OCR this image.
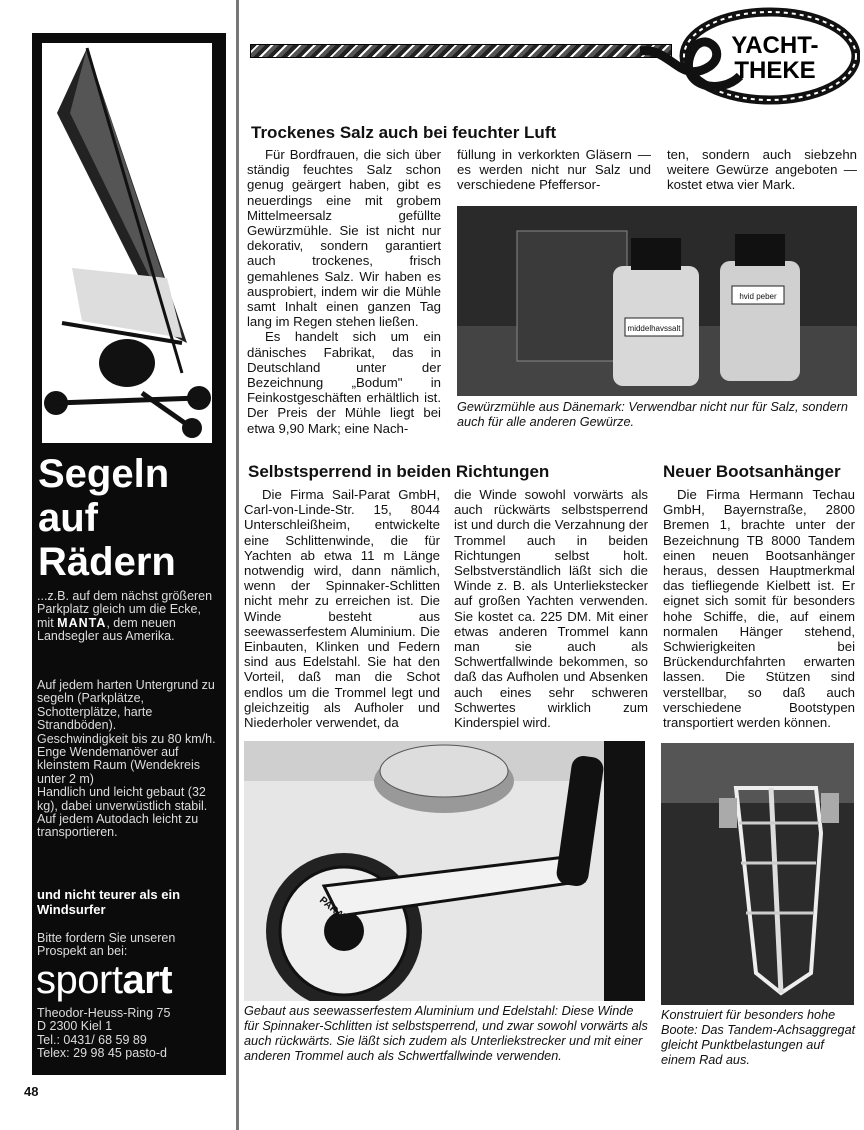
Segeln
auf
Rädern
...z.B. auf dem nächst größeren Parkplatz gleich um die Ecke,
mit MANTA, dem neuen Landsegler aus Amerika.
Auf jedem harten Untergrund zu segeln (Parkplätze, Schotterplätze, harte Strandböden).
Geschwindigkeit bis zu 80 km/h.
Enge Wendemanöver auf kleinstem Raum (Wendekreis unter 2 m)
Handlich und leicht gebaut (32 kg), dabei unverwüstlich stabil.
Auf jedem Autodach leicht zu transportieren.
und nicht teurer als ein Windsurfer
Bitte fordern Sie unseren Prospekt an bei:
sportart
Theodor-Heuss-Ring 75
D 2300 Kiel 1
Tel.: 0431/ 68 59 89
Telex: 29 98 45 pasto-d
YACHT-
THEKE
Trockenes Salz auch bei feuchter Luft

Für Bordfrauen, die sich über ständig feuchtes Salz schon genug geärgert haben, gibt es neuerdings eine mit grobem Mittelmeersalz gefüllte Gewürzmühle. Sie ist nicht nur dekorativ, sondern garantiert auch trockenes, frisch gemahlenes Salz. Wir haben es ausprobiert, indem wir die Mühle samt Inhalt einen ganzen Tag lang im Regen stehen ließen.

Es handelt sich um ein dänisches Fabrikat, das in Deutschland unter der Bezeichnung „Bodum" in Feinkostgeschäften erhältlich ist. Der Preis der Mühle liegt bei etwa 9,90 Mark; eine Nach-

füllung in verkorkten Gläsern — es werden nicht nur Salz und verschiedene Pfeffersor-
ten, sondern auch siebzehn weitere Gewürze angeboten — kostet etwa vier Mark.
middelhavssalt
hvid peber
Gewürzmühle aus Dänemark: Verwendbar nicht nur für Salz, sondern auch für alle anderen Gewürze.
Selbstsperrend in beiden Richtungen
Die Firma Sail-Parat GmbH, Carl-von-Linde-Str. 15, 8044 Unterschleißheim, entwickelte eine Schlittenwinde, die für Yachten ab etwa 11 m Länge notwendig wird, dann nämlich, wenn der Spinnaker-Schlitten nicht mehr zu erreichen ist. Die Winde besteht aus seewasserfestem Aluminium. Die Einbauten, Klinken und Federn sind aus Edelstahl. Sie hat den Vorteil, daß man die Schot endlos um die Trommel legt und gleichzeitig als Aufholer und Niederholer verwendet, da
die Winde sowohl vorwärts als auch rückwärts selbstsperrend ist und durch die Verzahnung der Trommel auch in beiden Richtungen selbst holt. Selbstverständlich läßt sich die Winde z. B. als Unterliekstecker auf großen Yachten verwenden. Sie kostet ca. 225 DM. Mit einer etwas anderen Trommel kann man sie auch als Schwertfallwinde bekommen, so daß das Aufholen und Absenken auch eines sehr schweren Schwertes wirklich zum Kinderspiel wird.
PARAT
Gebaut aus seewasserfestem Aluminium und Edelstahl: Diese Winde für Spinnaker-Schlitten ist selbstsperrend, und zwar sowohl vorwärts als auch rückwärts. Sie läßt sich zudem als Unterliekstrecker und mit einer anderen Trommel auch als Schwertfallwinde verwenden.
Neuer Bootsanhänger
Die Firma Hermann Techau GmbH, Bayernstraße, 2800 Bremen 1, brachte unter der Bezeichnung TB 8000 Tandem einen neuen Bootsanhänger heraus, dessen Hauptmerkmal das tiefliegende Kielbett ist. Er eignet sich somit für besonders hohe Schiffe, die, auf einem normalen Hänger stehend, Schwierigkeiten bei Brückendurchfahrten erwarten lassen. Die Stützen sind verstellbar, so daß auch verschiedene Bootstypen transportiert werden können.
Konstruiert für besonders hohe Boote: Das Tandem-Achsaggregat gleicht Punktbelastungen auf einem Rad aus.
48
